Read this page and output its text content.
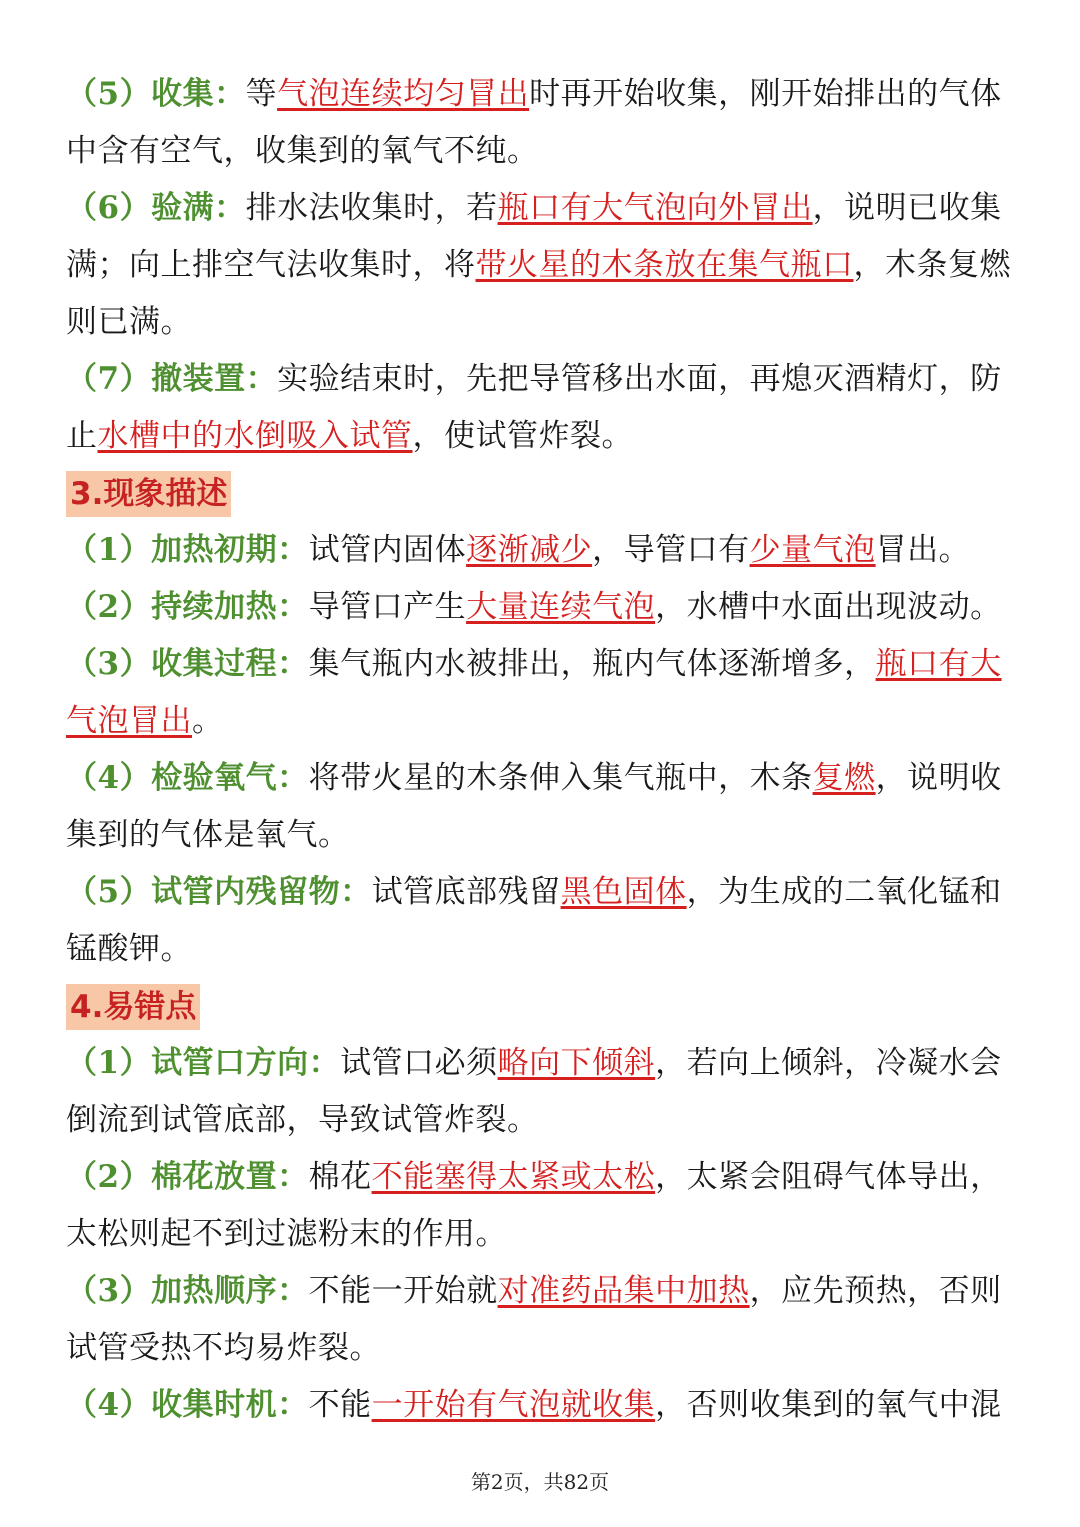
（5）收集：等气泡连续均匀冒出时再开始收集，刚开始排出的气体中含有空气，收集到的氧气不纯。

（6）验满：排水法收集时，若瓶口有大气泡向外冒出，说明已收集满；向上排空气法收集时，将带火星的木条放在集气瓶口，木条复燃则已满。

（7）撤装置：实验结束时，先把导管移出水面，再熄灭酒精灯，防止水槽中的水倒吸入试管，使试管炸裂。

3.现象描述

（1）加热初期：试管内固体逐渐减少，导管口有少量气泡冒出。

（2）持续加热：导管口产生大量连续气泡，水槽中水面出现波动。

（3）收集过程：集气瓶内水被排出，瓶内气体逐渐增多，瓶口有大气泡冒出。

（4）检验氧气：将带火星的木条伸入集气瓶中，木条复燃，说明收集到的气体是氧气。

（5）试管内残留物：试管底部残留黑色固体，为生成的二氧化锰和锰酸钾。

4.易错点

（1）试管口方向：试管口必须略向下倾斜，若向上倾斜，冷凝水会倒流到试管底部，导致试管炸裂。

（2）棉花放置：棉花不能塞得太紧或太松，太紧会阻碍气体导出，太松则起不到过滤粉末的作用。

（3）加热顺序：不能一开始就对准药品集中加热，应先预热，否则试管受热不均易炸裂。

（4）收集时机：不能一开始有气泡就收集，否则收集到的氧气中混

第2页，共82页
